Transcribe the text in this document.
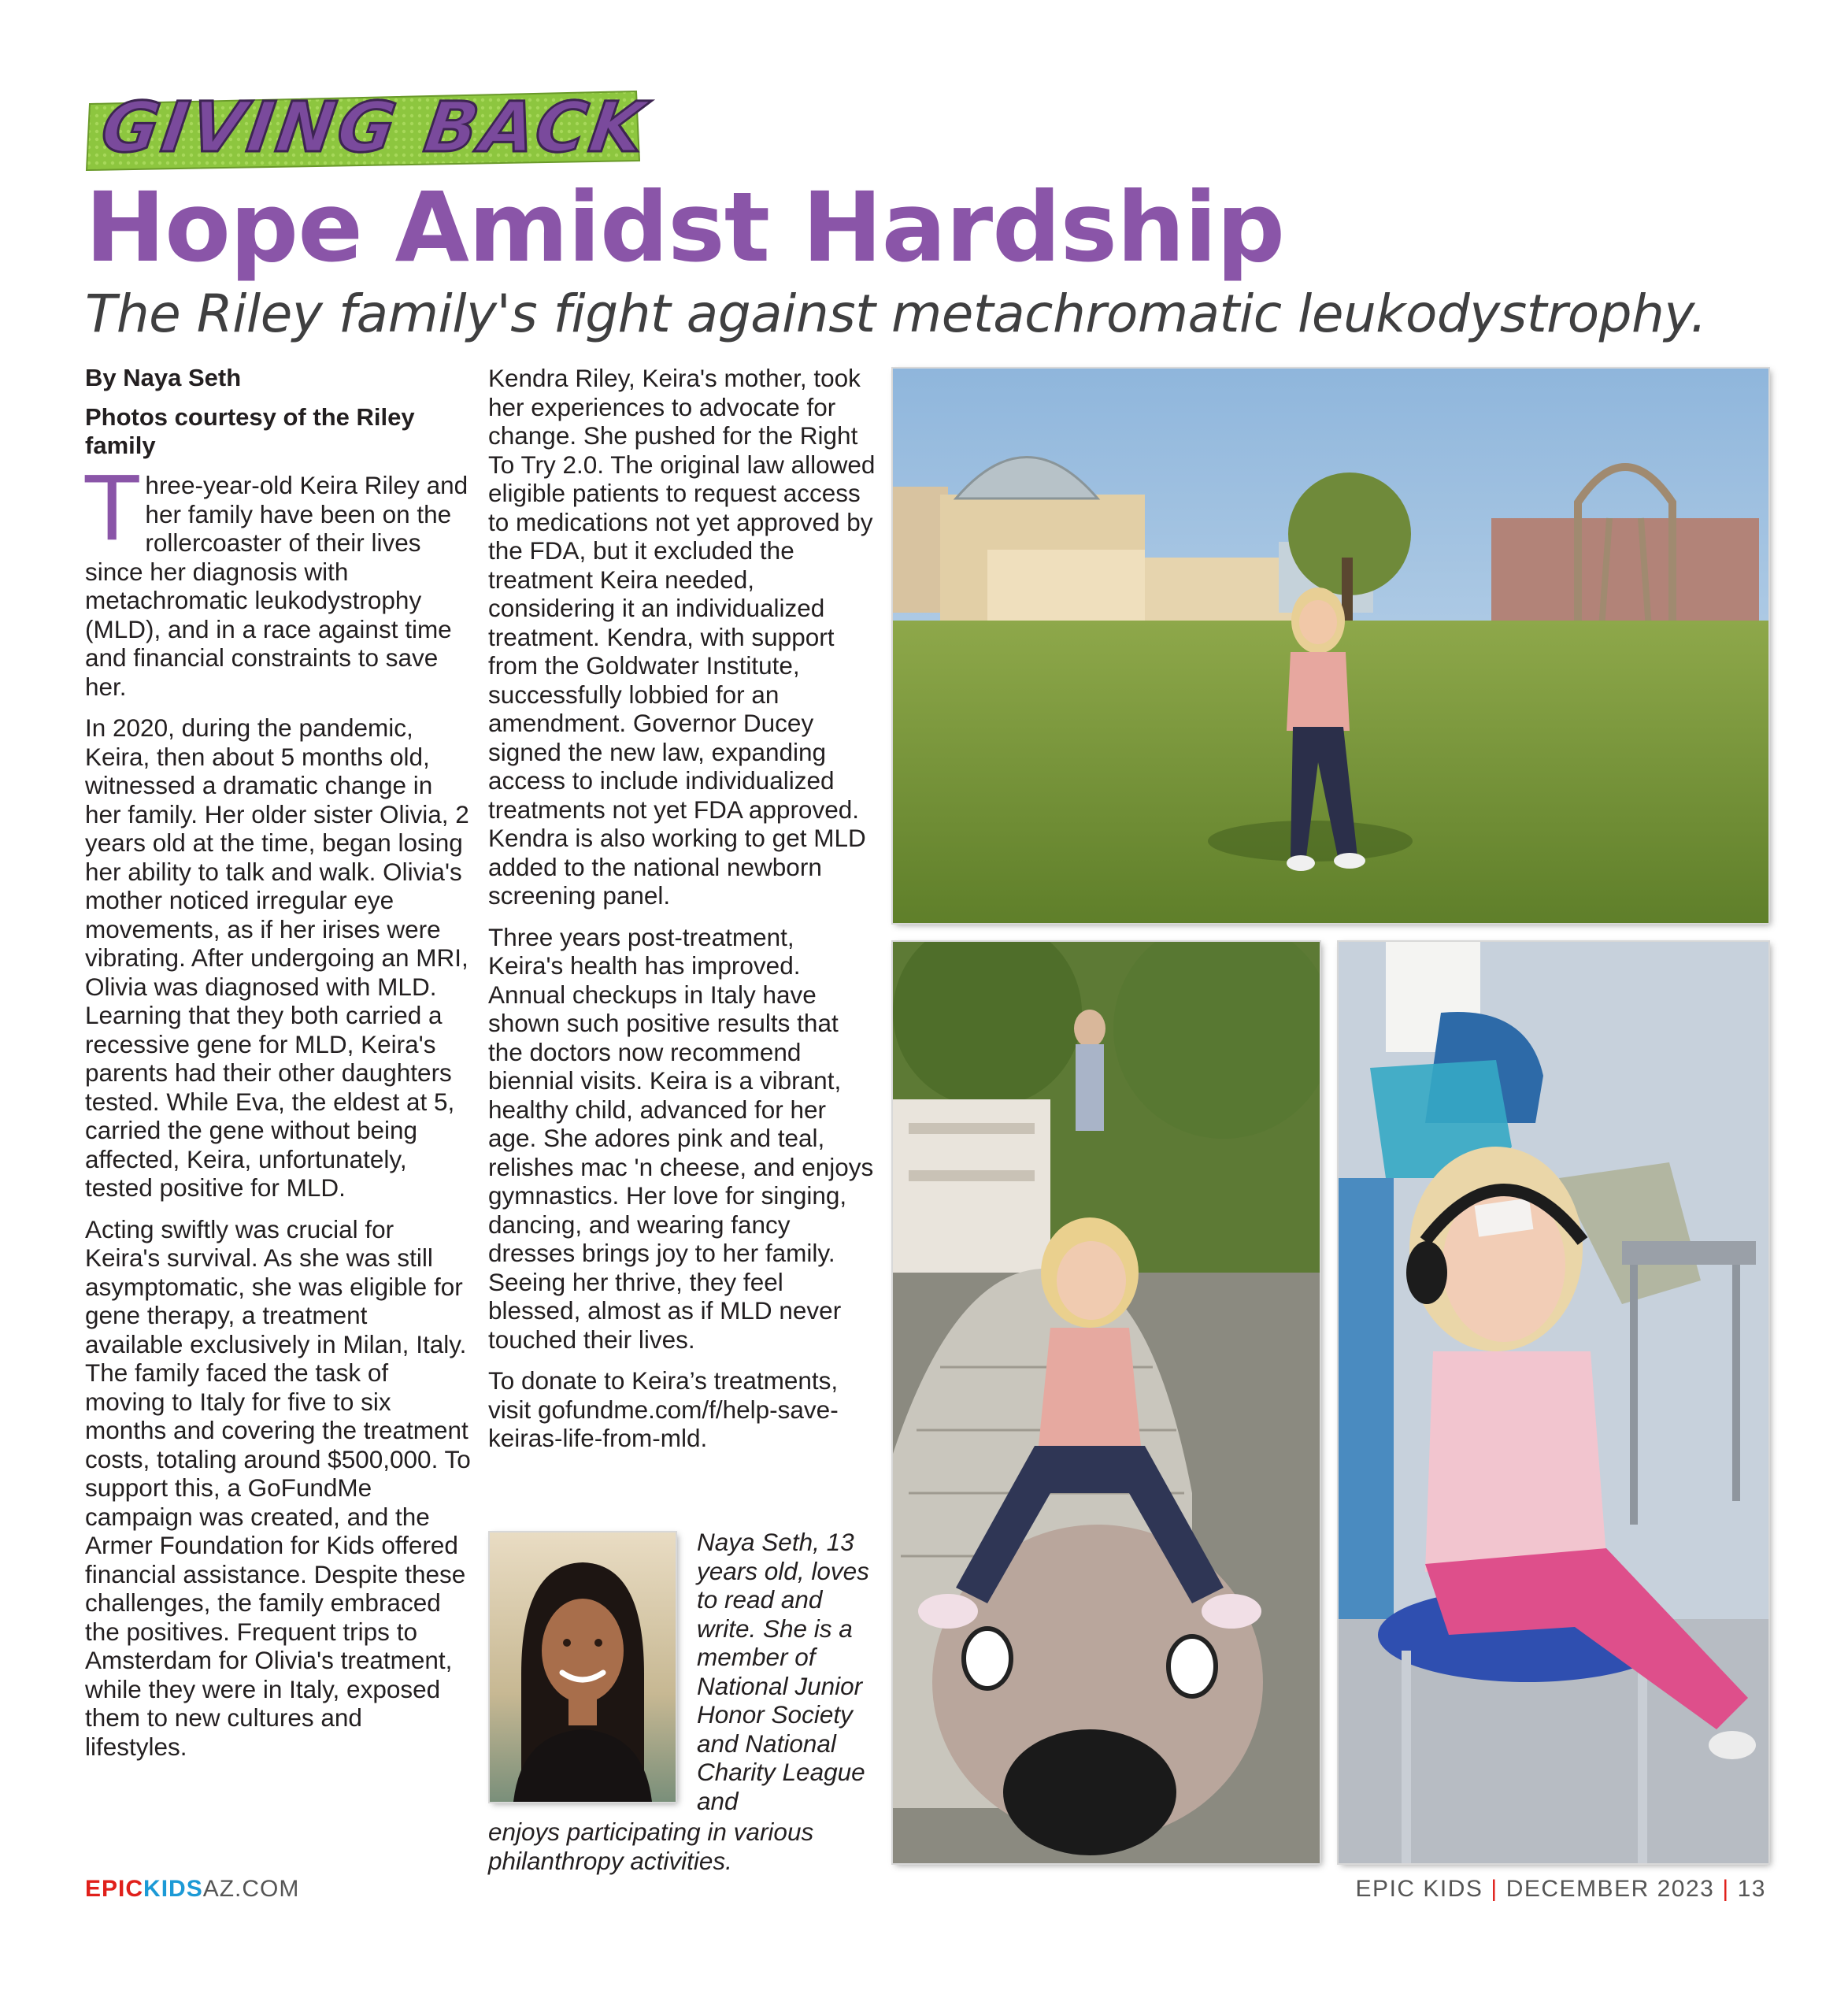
GIVING BACK
Hope Amidst Hardship
The Riley family's fight against metachromatic leukodystrophy.

By Naya Seth

Photos courtesy of the Riley family

Three-year-old Keira Riley and her family have been on the rollercoaster of their lives since her diagnosis with metachromatic leukodystrophy (MLD), and in a race against time and financial constraints to save her.

In 2020, during the pandemic, Keira, then about 5 months old, witnessed a dramatic change in her family. Her older sister Olivia, 2 years old at the time, began losing her ability to talk and walk. Olivia's mother noticed irregular eye movements, as if her irises were vibrating. After undergoing an MRI, Olivia was diagnosed with MLD. Learning that they both carried a recessive gene for MLD, Keira's parents had their other daughters tested. While Eva, the eldest at 5, carried the gene without being affected, Keira, unfortunately, tested positive for MLD.

Acting swiftly was crucial for Keira's survival. As she was still asymptomatic, she was eligible for gene therapy, a treatment available exclusively in Milan, Italy. The family faced the task of moving to Italy for five to six months and covering the treatment costs, totaling around $500,000. To support this, a GoFundMe campaign was created, and the Armer Foundation for Kids offered financial assistance. Despite these challenges, the family embraced the positives. Frequent trips to Amsterdam for Olivia's treatment, while they were in Italy, exposed them to new cultures and lifestyles.

Kendra Riley, Keira's mother, took her experiences to advocate for change. She pushed for the Right To Try 2.0. The original law allowed eligible patients to request access to medications not yet approved by the FDA, but it excluded the treatment Keira needed, considering it an individualized treatment. Kendra, with support from the Goldwater Institute, successfully lobbied for an amendment. Governor Ducey signed the new law, expanding access to include individualized treatments not yet FDA approved. Kendra is also working to get MLD added to the national newborn screening panel.

Three years post-treatment, Keira's health has improved. Annual checkups in Italy have shown such positive results that the doctors now recommend biennial visits. Keira is a vibrant, healthy child, advanced for her age. She adores pink and teal, relishes mac 'n cheese, and enjoys gymnastics. Her love for singing, dancing, and wearing fancy dresses brings joy to her family. Seeing her thrive, they feel blessed, almost as if MLD never touched their lives.

To donate to Keira’s treatments, visit gofundme.com/f/help-save-keiras-life-from-mld.

Naya Seth, 13 years old, loves to read and write. She is a member of National Junior Honor Society and National Charity League and
enjoys participating in various philanthropy activities.
EPICKIDSAZ.COM	EPIC KIDS | DECEMBER 2023 | 13
